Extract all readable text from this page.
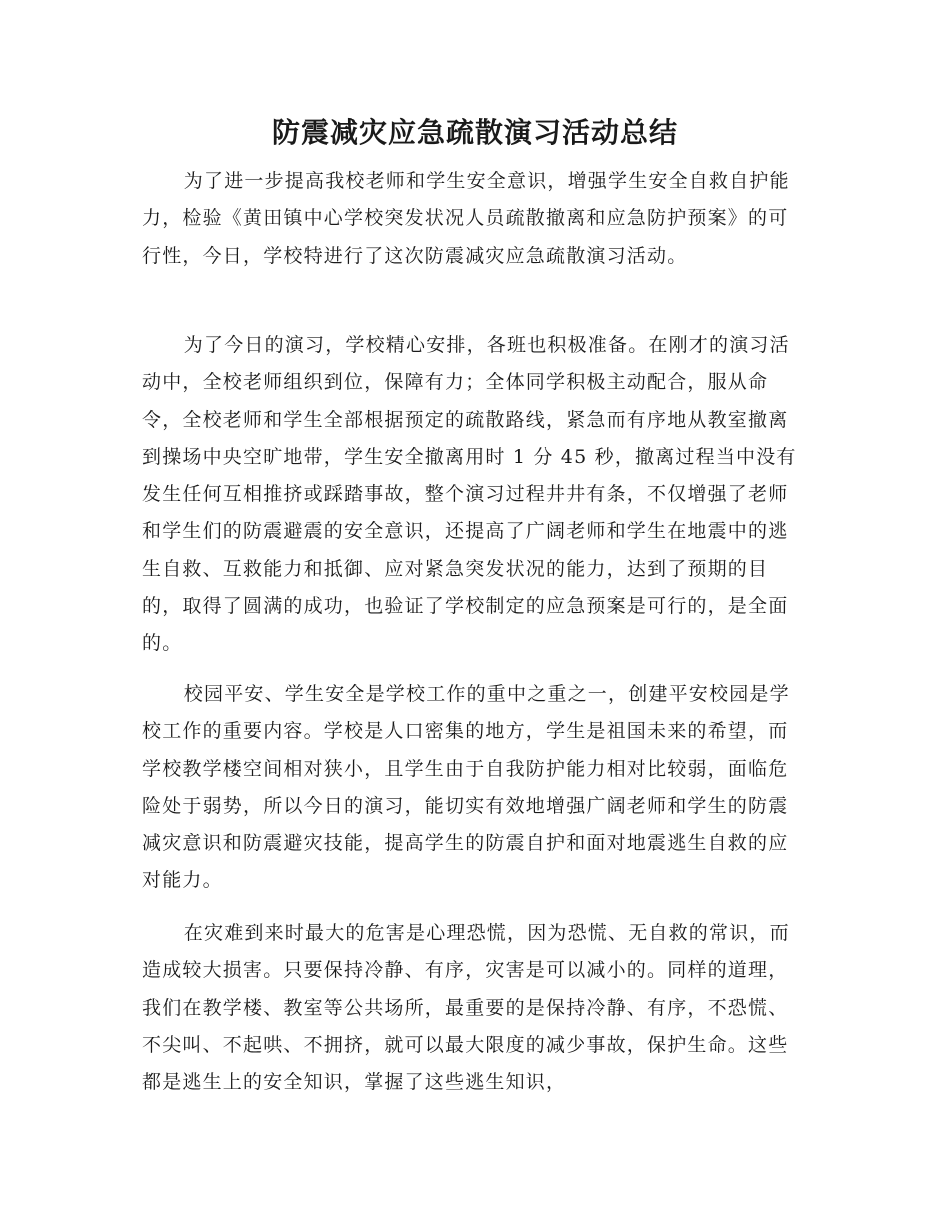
防震减灾应急疏散演习活动总结

为了进一步提高我校老师和学生安全意识，增强学生安全自救自护能力，检验《黄田镇中心学校突发状况人员疏散撤离和应急防护预案》的可行性，今日，学校特进行了这次防震减灾应急疏散演习活动。

为了今日的演习，学校精心安排，各班也积极准备。在刚才的演习活动中，全校老师组织到位，保障有力；全体同学积极主动配合，服从命令，全校老师和学生全部根据预定的疏散路线，紧急而有序地从教室撤离到操场中央空旷地带，学生安全撤离用时 1 分 45 秒，撤离过程当中没有发生任何互相推挤或踩踏事故，整个演习过程井井有条，不仅增强了老师和学生们的防震避震的安全意识，还提高了广阔老师和学生在地震中的逃生自救、互救能力和抵御、应对紧急突发状况的能力，达到了预期的目的，取得了圆满的成功，也验证了学校制定的应急预案是可行的，是全面的。

校园平安、学生安全是学校工作的重中之重之一，创建平安校园是学校工作的重要内容。学校是人口密集的地方，学生是祖国未来的希望，而学校教学楼空间相对狭小，且学生由于自我防护能力相对比较弱，面临危险处于弱势，所以今日的演习，能切实有效地增强广阔老师和学生的防震减灾意识和防震避灾技能，提高学生的防震自护和面对地震逃生自救的应对能力。

在灾难到来时最大的危害是心理恐慌，因为恐慌、无自救的常识，而造成较大损害。只要保持冷静、有序，灾害是可以减小的。同样的道理，我们在教学楼、教室等公共场所，最重要的是保持冷静、有序，不恐慌、不尖叫、不起哄、不拥挤，就可以最大限度的减少事故，保护生命。这些都是逃生上的安全知识，掌握了这些逃生知识，
